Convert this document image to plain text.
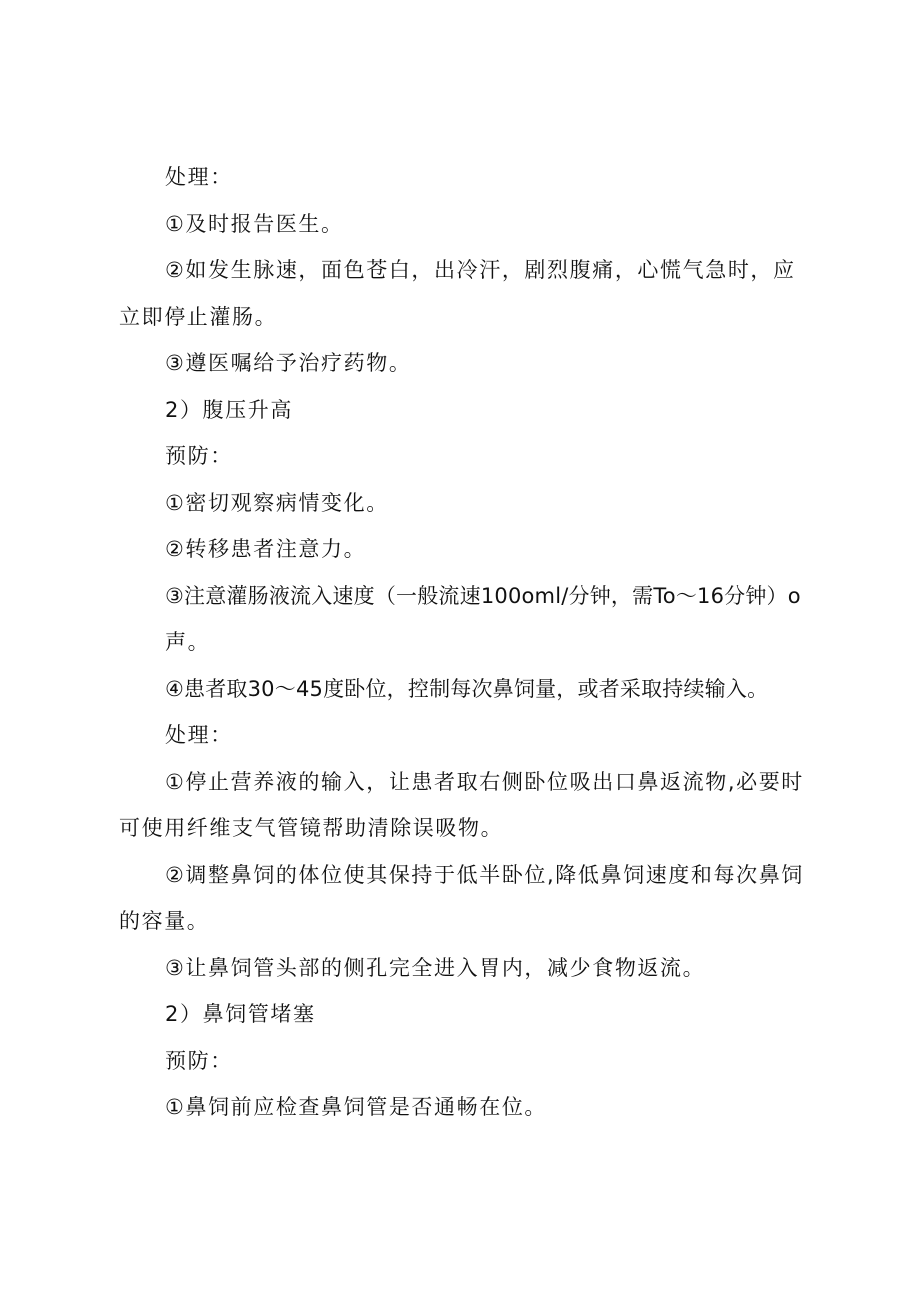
处理：

①及时报告医生。

②如发生脉速，面色苍白，出冷汗，剧烈腹痛，心慌气急时，应立即停止灌肠。

③遵医嘱给予治疗药物。

2）腹压升高

预防：

①密切观察病情变化。

②转移患者注意力。

③注意灌肠液流入速度（一般流速100oml/分钟，需To～16分钟）o

声。

④患者取30～45度卧位，控制每次鼻饲量，或者采取持续输入。

处理：

①停止营养液的输入，让患者取右侧卧位吸出口鼻返流物,必要时可使用纤维支气管镜帮助清除误吸物。

②调整鼻饲的体位使其保持于低半卧位,降低鼻饲速度和每次鼻饲的容量。

③让鼻饲管头部的侧孔完全进入胃内，减少食物返流。

2）鼻饲管堵塞

预防：

①鼻饲前应检查鼻饲管是否通畅在位。
